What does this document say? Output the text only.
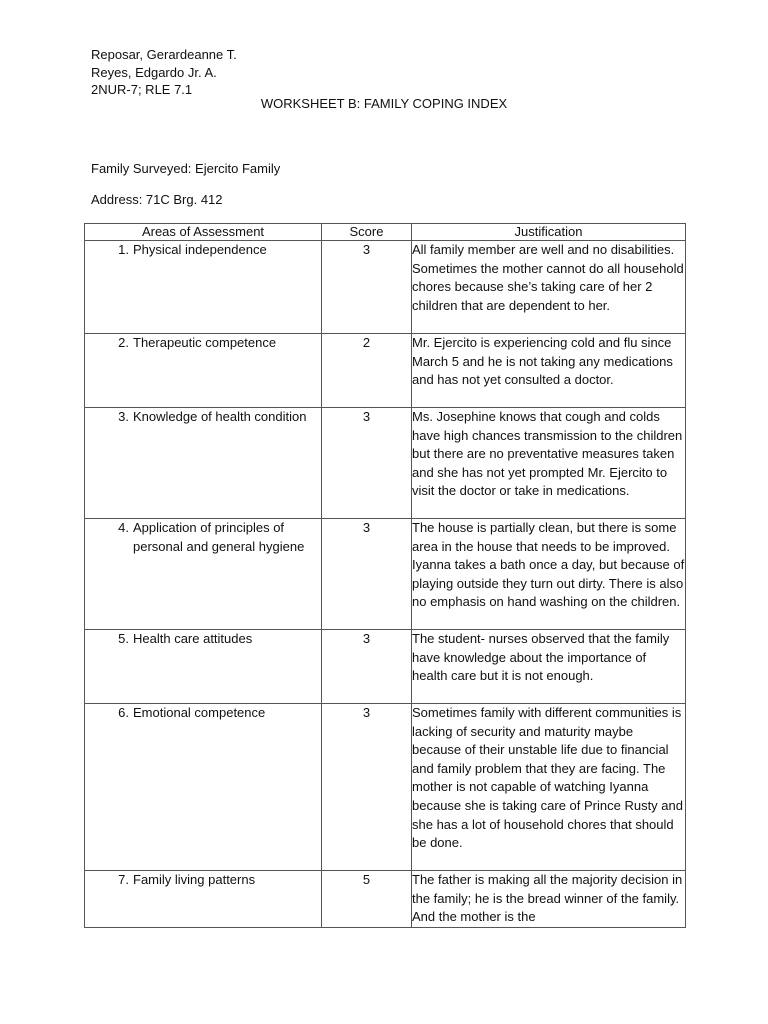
Reposar, Gerardeanne T.
Reyes, Edgardo Jr. A.
2NUR-7; RLE 7.1
WORKSHEET B: FAMILY COPING INDEX
Family Surveyed: Ejercito Family
Address: 71C Brg. 412
Areas of Assessment	Score	Justification

1. Physical independence	3	All family member are well and no disabilities. Sometimes the mother cannot do all household chores because she’s taking care of her 2 children that are dependent to her.

2. Therapeutic competence	2	Mr. Ejercito is experiencing cold and flu since March 5 and he is not taking any medications and has not yet consulted a doctor.

3. Knowledge of health condition	3	Ms. Josephine knows that cough and colds have high chances transmission to the children but there are no preventative measures taken and she has not yet prompted Mr. Ejercito to visit the doctor or take in medications.

4. Application of principles of personal and general hygiene	3	The house is partially clean, but there is some area in the house that needs to be improved. Iyanna takes a bath once a day, but because of playing outside they turn out dirty. There is also no emphasis on hand washing on the children.

5. Health care attitudes	3	The student- nurses observed that the family have knowledge about the importance of health care but it is not enough.

6. Emotional competence	3	Sometimes family with different communities is lacking of security and maturity maybe because of their unstable life due to financial and family problem that they are facing. The mother is not capable of watching Iyanna because she is taking care of Prince Rusty and she has a lot of household chores that should be done.

7. Family living patterns	5	The father is making all the majority decision in the family; he is the bread winner of the family. And the mother is the
